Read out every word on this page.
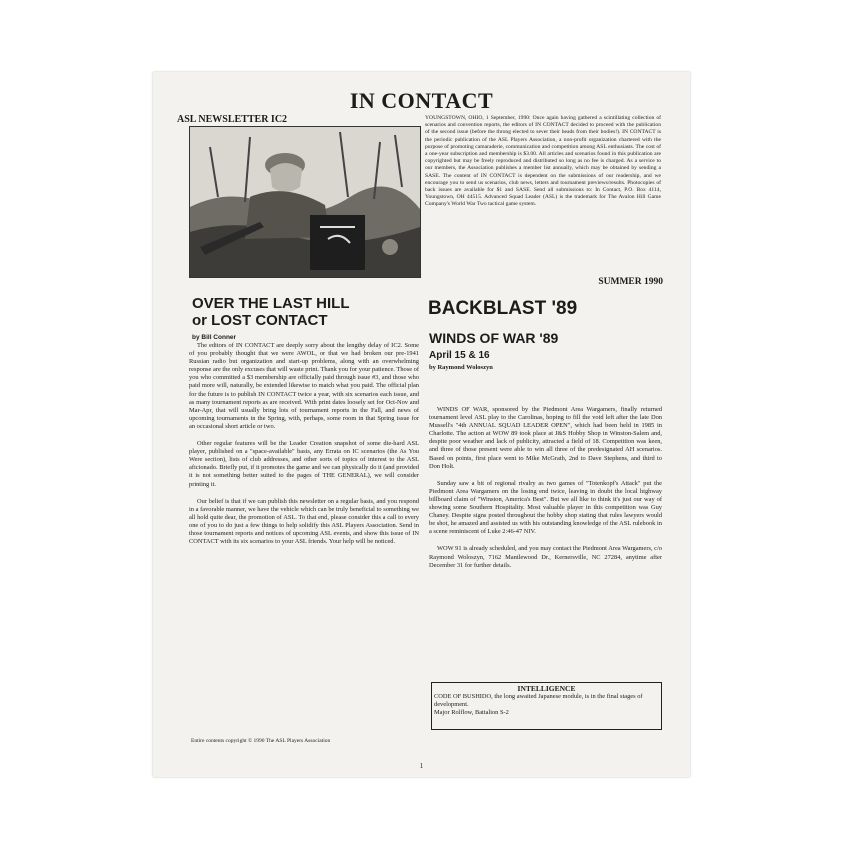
IN CONTACT
ASL NEWSLETTER IC2	YOUNGSTOWN, OHIO, 1 September, 1990: Once again having gathered a scintillating collection of scenarios and convention reports, the editors of IN CONTACT decided to proceed with the publication of the second issue (before the throng elected to sever their heads from their bodies!). IN CONTACT is the periodic publication of the ASL Players Association, a non-profit organization chartered with the purpose of promoting camaraderie, communication and competition among ASL enthusiasts. The cost of a one-year subscription and membership is $3.00. All articles and scenarios found in this publication are copyrighted but may be freely reproduced and distributed so long as no fee is charged. As a service to our members, the Association publishes a member list annually, which may be obtained by sending a SASE. The content of IN CONTACT is dependent on the submissions of our readership, and we encourage you to send us scenarios, club news, letters and tournament previews/results. Photocopies of back issues are available for $1 and SASE. Send all submissions to: In Contact, P.O. Box 4114, Youngstown, OH 44515. Advanced Squad Leader (ASL) is the trademark for The Avalon Hill Game Company's World War Two tactical game system.
SUMMER 1990
OVER THE LAST HILL
or LOST CONTACT
by Bill Conner

The editors of IN CONTACT are deeply sorry about the lengthy delay of IC2. Some of you probably thought that we were AWOL, or that we had broken our pre-1941 Russian radio but organization and start-up problems, along with an overwhelming response are the only excuses that will waste print. Thank you for your patience. Those of you who committed a $3 membership are officially paid through issue #3, and those who paid more will, naturally, be extended likewise to match what you paid. The official plan for the future is to publish IN CONTACT twice a year, with six scenarios each issue, and as many tournament reports as are received. With print dates loosely set for Oct-Nov and Mar-Apr, that will usually bring lots of tournament reports in the Fall, and news of upcoming tournaments in the Spring, with, perhaps, some room in that Spring issue for an occasional short article or two.

Other regular features will be the Leader Creation snapshot of some die-hard ASL player, published on a "space-available" basis, any Errata on IC scenarios (the As You Were section), lists of club addresses, and other sorts of topics of interest to the ASL aficionado. Briefly put, if it promotes the game and we can physically do it (and provided it is not something better suited to the pages of THE GENERAL), we will consider printing it.

Our belief is that if we can publish this newsletter on a regular basis, and you respond in a favorable manner, we have the vehicle which can be truly beneficial to something we all hold quite dear, the promotion of ASL. To that end, please consider this a call to every one of you to do just a few things to help solidify this ASL Players Association. Send in those tournament reports and notices of upcoming ASL events, and show this issue of IN CONTACT with its six scenarios to your ASL friends. Your help will be noticed.

BACKBLAST '89
WINDS OF WAR '89
April 15 & 16
by Raymond Woloszyn

WINDS OF WAR, sponsored by the Piedmont Area Wargamers, finally returned tournament level ASL play to the Carolinas, hoping to fill the void left after the late Don Mussell's "4th ANNUAL SQUAD LEADER OPEN", which had been held in 1985 in Charlotte. The action at WOW 89 took place at J&S Hobby Shop in Winston-Salem and, despite poor weather and lack of publicity, attracted a field of 18. Competition was keen, and three of those present were able to win all three of the predesignated AH scenarios. Based on points, first place went to Mike McGrath, 2nd to Dave Stephens, and third to Don Holt.

Sunday saw a bit of regional rivalry as two games of "Totenkopf's Attack" put the Piedmont Area Wargamers on the losing end twice, leaving in doubt the local highway billboard claim of "Winston, America's Best". But we all like to think it's just our way of showing some Southern Hospitality. Most valuable player in this competition was Guy Chaney. Despite signs posted throughout the hobby shop stating that rules lawyers would be shot, he amazed and assisted us with his outstanding knowledge of the ASL rulebook in a scene reminiscent of Luke 2:46-47 NIV.

WOW 91 is already scheduled, and you may contact the Piedmont Area Wargamers, c/o Raymond Woloszyn, 7162 Mantlewood Dr., Kernersville, NC 27284, anytime after December 31 for further details.

INTELLIGENCE
CODE OF BUSHIDO, the long awaited Japanese module, is in the final stages of development.
Major Rolflow, Battalion S-2
Entire contents copyright © 1990 The ASL Players Association
1
